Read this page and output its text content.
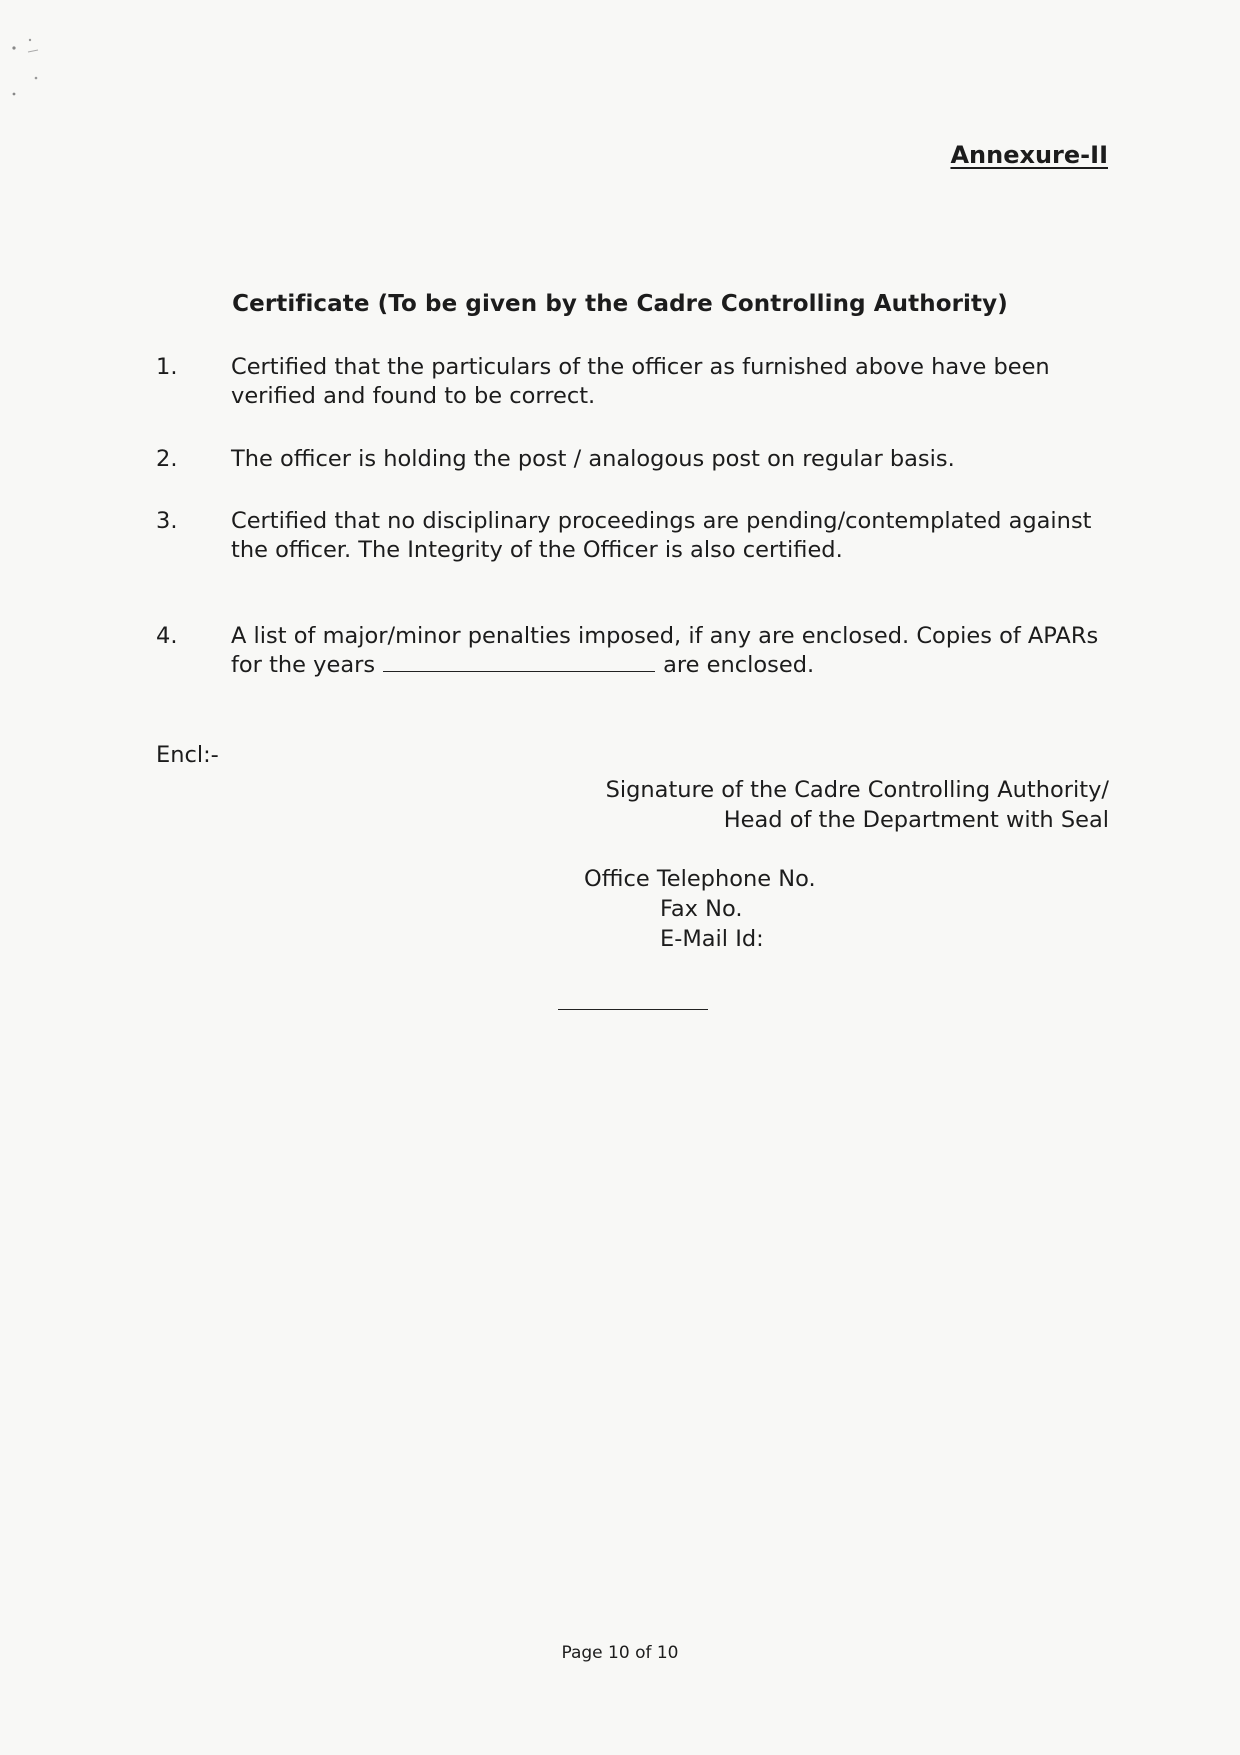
Annexure-II
Certificate (To be given by the Cadre Controlling Authority)
1. Certified that the particulars of the officer as furnished above have been verified and found to be correct.
2. The officer is holding the post / analogous post on regular basis.
3. Certified that no disciplinary proceedings are pending/contemplated against the officer. The Integrity of the Officer is also certified.
4. A list of major/minor penalties imposed, if any are enclosed. Copies of APARs for the years	are enclosed.
Encl:-
Signature of the Cadre Controlling Authority/
Head of the Department with Seal
Office Telephone No.
Fax No.
E-Mail Id:
Page 10 of 10
